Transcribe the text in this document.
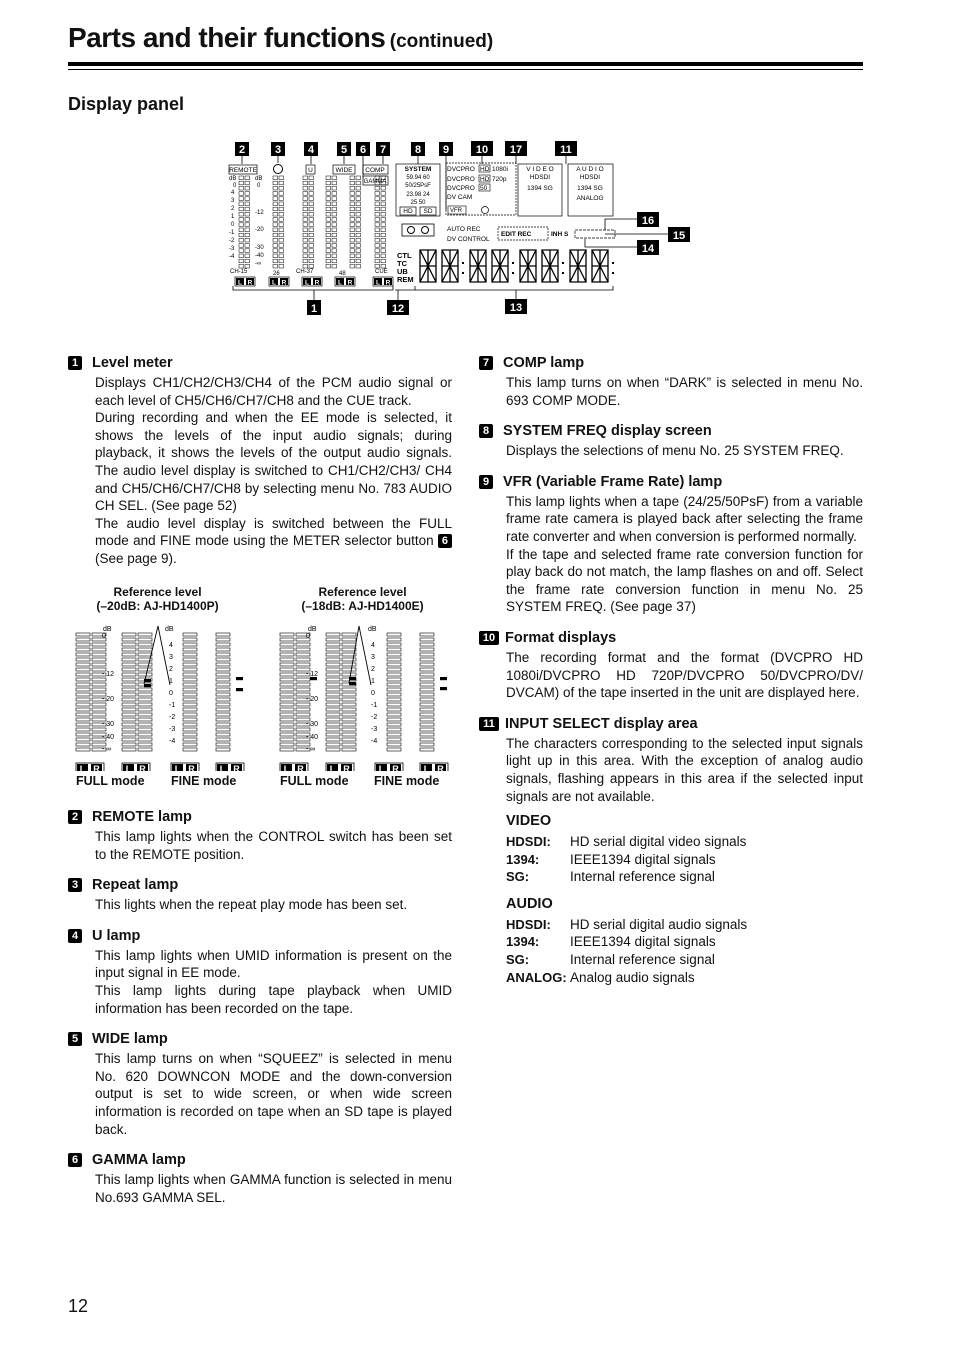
Parts and their functions (continued)
Display panel
2	3 4 5 6 7	8 9 10 17	11
16
15
14
1	12	13
REMOTE	U	WIDE COMP
GAMMA
dB
0
4
3
2
1
0
-1
-2
-3
-4
dB
0
-12
-20
-30
-40
-∞
CH-15	26	CH-37	48	CUE
SYSTEM
59.94 60
50/25PsF
23.98 24
25 50
HD SD
DVCPRO HD 1080i
DVCPRO HD 720p
DVCPRO 50
DV CAM
VFR
V I D E O
HDSDI
1394 SG
A U D I O
HDSDI
1394 SG
ANALOG
AUTO REC
DV CONTROL
EDIT REC	INH S
CTL
TC
UB
REM
L R	L R	L R	L R	L R
1 Level meter

Displays CH1/CH2/CH3/CH4 of the PCM audio signal or each level of CH5/CH6/CH7/CH8 and the CUE track.

During recording and when the EE mode is selected, it shows the levels of the input audio signals; during playback, it shows the levels of the output audio signals. The audio level display is switched to CH1/CH2/CH3/ CH4 and CH5/CH6/CH7/CH8 by selecting menu No. 783 AUDIO CH SEL. (See page 52)

The audio level display is switched between the FULL mode and FINE mode using the METER selector button 6 (See page 9).

Reference level
(–20dB: AJ-HD1400P)
Reference level
(–18dB: AJ-HD1400E)
dB	dB	dB	dB
0
- 12
- 20
- 30
- 40
- ∞
0
- 12
- 20
- 30
- 40
- ∞
4
3
2
1
0
-1
-2
-3
-4
4
3
2
1
0
-1
-2
-3
-4
L R	L R	L R	L R	L R	L R	L R	L R
FULL mode FINE mode	FULL mode FINE mode
2 REMOTE lamp

This lamp lights when the CONTROL switch has been set to the REMOTE position.

3 Repeat lamp

This lights when the repeat play mode has been set.

4 U lamp

This lamp lights when UMID information is present on the input signal in EE mode.

This lamp lights during tape playback when UMID information has been recorded on the tape.

5 WIDE lamp

This lamp turns on when “SQUEEZ” is selected in menu No. 620 DOWNCON MODE and the down-conversion output is set to wide screen, or when wide screen information is recorded on tape when an SD tape is played back.

6 GAMMA lamp

This lamp lights when GAMMA function is selected in menu No.693 GAMMA SEL.

7 COMP lamp

This lamp turns on when “DARK” is selected in menu No. 693 COMP MODE.

8 SYSTEM FREQ display screen

Displays the selections of menu No. 25 SYSTEM FREQ.

9 VFR (Variable Frame Rate) lamp

This lamp lights when a tape (24/25/50PsF) from a variable frame rate camera is played back after selecting the frame rate converter and when conversion is performed normally.

If the tape and selected frame rate conversion function for play back do not match, the lamp flashes on and off. Select the frame rate conversion function in menu No. 25 SYSTEM FREQ. (See page 37)

10 Format displays

The recording format and the format (DVCPRO HD 1080i/DVCPRO HD 720P/DVCPRO 50/DVCPRO/DV/ DVCAM) of the tape inserted in the unit are displayed here.

11 INPUT SELECT display area

The characters corresponding to the selected input signals light up in this area. With the exception of analog audio signals, flashing appears in this area if the selected input signals are not available.

VIDEO
HDSDI:	HD serial digital video signals
1394:	IEEE1394 digital signals
SG:	Internal reference signal
AUDIO
HDSDI:	HD serial digital audio signals
1394:	IEEE1394 digital signals
SG:	Internal reference signal
ANALOG: Analog audio signals
12
